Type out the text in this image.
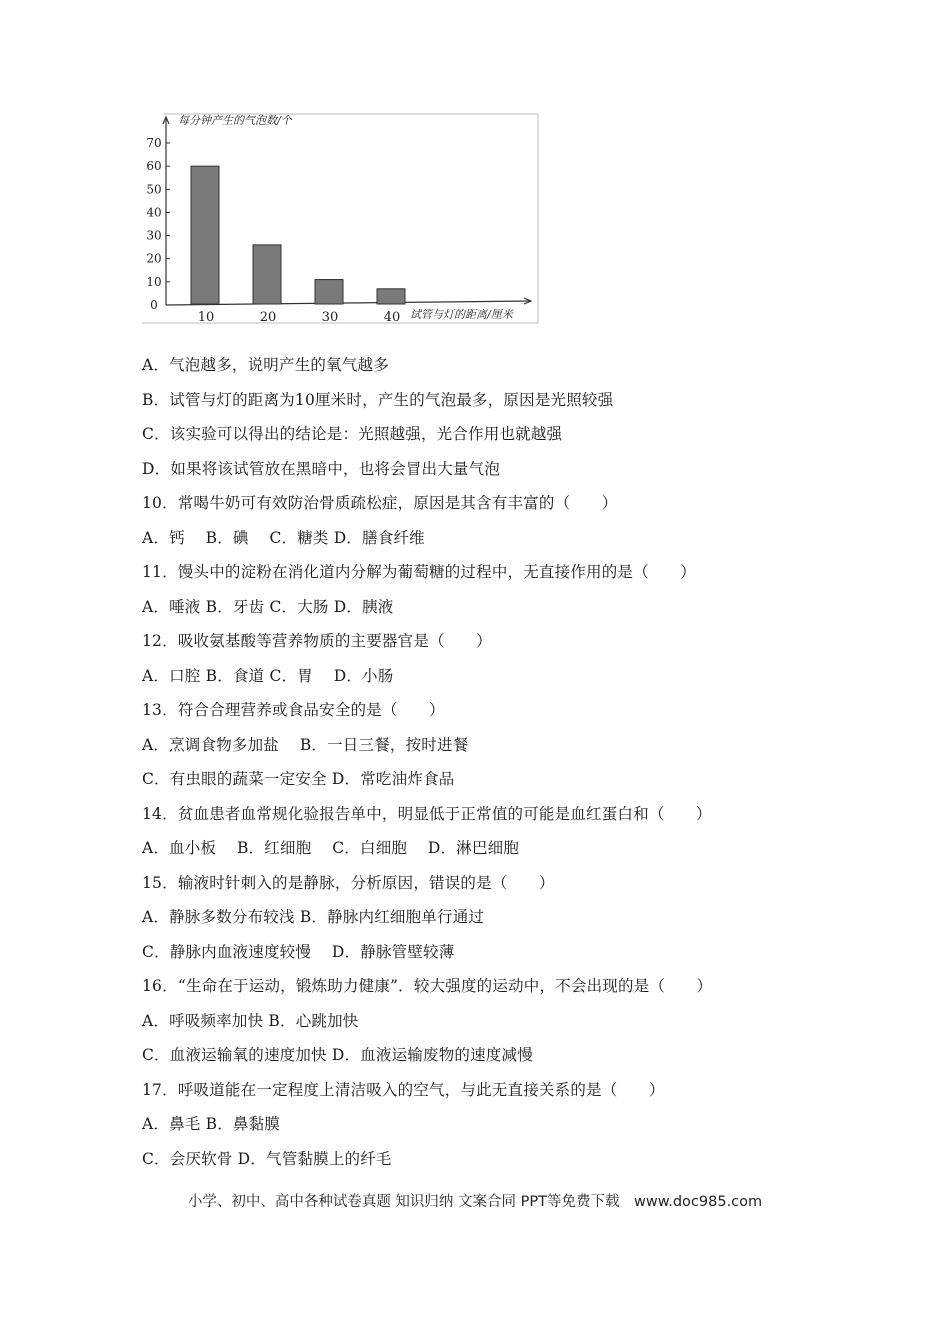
0
10
20
30
40
50
60
70
每分钟产生的气泡数/个
10	20	30	40 试管与灯的距离/厘米
A．气泡越多，说明产生的氧气越多
B．试管与灯的距离为10厘米时，产生的气泡最多，原因是光照较强
C．该实验可以得出的结论是：光照越强，光合作用也就越强
D．如果将该试管放在黑暗中，也将会冒出大量气泡
10．常喝牛奶可有效防治骨质疏松症，原因是其含有丰富的（　　）
A．钙　 B．碘　 C．糖类 D．膳食纤维
11．馒头中的淀粉在消化道内分解为葡萄糖的过程中，无直接作用的是（　　）
A．唾液 B．牙齿 C．大肠 D．胰液
12．吸收氨基酸等营养物质的主要器官是（　　）
A．口腔 B．食道 C．胃　 D．小肠
13．符合合理营养或食品安全的是（　　）
A．烹调食物多加盐　 B．一日三餐，按时进餐
C．有虫眼的蔬菜一定安全 D．常吃油炸食品
14．贫血患者血常规化验报告单中，明显低于正常值的可能是血红蛋白和（　　）
A．血小板　 B．红细胞　 C．白细胞　 D．淋巴细胞
15．输液时针刺入的是静脉，分析原因，错误的是（　　）
A．静脉多数分布较浅 B．静脉内红细胞单行通过
C．静脉内血液速度较慢　 D．静脉管壁较薄
16．“生命在于运动，锻炼助力健康”．较大强度的运动中，不会出现的是（　　）
A．呼吸频率加快 B．心跳加快
C．血液运输氧的速度加快 D．血液运输废物的速度减慢
17．呼吸道能在一定程度上清洁吸入的空气，与此无直接关系的是（　　）
A．鼻毛 B．鼻黏膜
C．会厌软骨 D．气管黏膜上的纤毛
小学、初中、高中各种试卷真题 知识归纳 文案合同 PPT等免费下载　www.doc985.com
